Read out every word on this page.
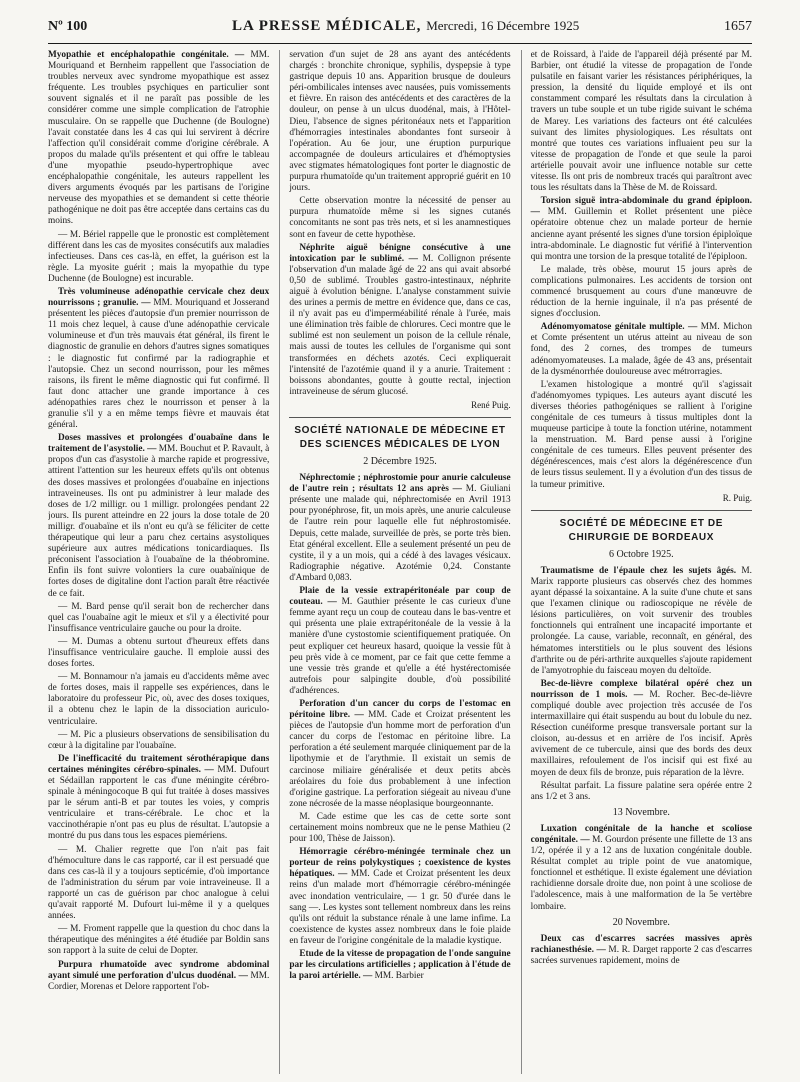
Nº 100	LA PRESSE MÉDICALE, Mercredi, 16 Décembre 1925	1657

Myopathie et encéphalopathie congénitale. — MM. Mouriquand et Bernheim rappellent que l'association de troubles nerveux avec syndrome myopathique est assez fréquente. Les troubles psychiques en particulier sont souvent signalés et il ne paraît pas possible de les considérer comme une simple complication de l'atrophie musculaire. On se rappelle que Duchenne (de Boulogne) l'avait constatée dans les 4 cas qui lui servirent à décrire l'affection qu'il considérait comme d'origine cérébrale. A propos du malade qu'ils présentent et qui offre le tableau d'une myopathie pseudo-hypertrophique avec encéphalopathie congénitale, les auteurs rappellent les divers arguments évoqués par les partisans de l'origine nerveuse des myopathies et se demandent si cette théorie pathogénique ne doit pas être acceptée dans certains cas du moins.

— M. Bériel rappelle que le pronostic est complètement différent dans les cas de myosites consécutifs aux maladies infectieuses. Dans ces cas-là, en effet, la guérison est la règle. La myosite guérit ; mais la myopathie du type Duchenne (de Boulogne) est incurable.

Très volumineuse adénopathie cervicale chez deux nourrissons ; granulie. — MM. Mouriquand et Josserand présentent les pièces d'autopsie d'un premier nourrisson de 11 mois chez lequel, à cause d'une adénopathie cervicale volumineuse et d'un très mauvais état général, ils firent le diagnostic de granulie en dehors d'autres signes somatiques : le diagnostic fut confirmé par la radiographie et l'autopsie. Chez un second nourrisson, pour les mêmes raisons, ils firent le même diagnostic qui fut confirmé. Il faut donc attacher une grande importance à ces adénopathies rares chez le nourrisson et penser à la granulie s'il y a en même temps fièvre et mauvais état général.

Doses massives et prolongées d'ouabaïne dans le traitement de l'asystolie. — MM. Bouchut et P. Ravault, à propos d'un cas d'asystolie à marche rapide et progressive, attirent l'attention sur les heureux effets qu'ils ont obtenus des doses massives et prolongées d'ouabaïne en injections intraveineuses. Ils ont pu administrer à leur malade des doses de 1/2 milligr. ou 1 milligr. prolongées pendant 22 jours. Ils purent atteindre en 22 jours la dose totale de 20 milligr. d'ouabaïne et ils n'ont eu qu'à se féliciter de cette thérapeutique qui leur a paru chez certains asystoliques supérieure aux autres médications tonicardiaques. Ils préconisent l'association à l'ouabaïne de la théobromine. Enfin ils font suivre volontiers la cure ouabaïnique de fortes doses de digitaline dont l'action paraît être réactivée de ce fait.

— M. Bard pense qu'il serait bon de rechercher dans quel cas l'ouabaïne agit le mieux et s'il y a électivité pour l'insuffisance ventriculaire gauche ou pour la droite.

— M. Dumas a obtenu surtout d'heureux effets dans l'insuffisance ventriculaire gauche. Il emploie aussi des doses fortes.

— M. Bonnamour n'a jamais eu d'accidents même avec de fortes doses, mais il rappelle ses expériences, dans le laboratoire du professeur Pic, où, avec des doses toxiques, il a obtenu chez le lapin de la dissociation auriculo-ventriculaire.

— M. Pic a plusieurs observations de sensibilisation du cœur à la digitaline par l'ouabaïne.

De l'inefficacité du traitement sérothérapique dans certaines méningites cérébro-spinales. — MM. Dufourt et Sédaillan rapportent le cas d'une méningite cérébro-spinale à méningocoque B qui fut traitée à doses massives par le sérum anti-B et par toutes les voies, y compris ventriculaire et trans-cérébrale. Le choc et la vaccinothérapie n'ont pas eu plus de résultat. L'autopsie a montré du pus dans tous les espaces piemériens.

— M. Chalier regrette que l'on n'ait pas fait d'hémoculture dans le cas rapporté, car il est persuadé que dans ces cas-là il y a toujours septicémie, d'où importance de l'administration du sérum par voie intraveineuse. Il a rapporté un cas de guérison par choc analogue à celui qu'avait rapporté M. Dufourt lui-même il y a quelques années.

— M. Froment rappelle que la question du choc dans la thérapeutique des méningites a été étudiée par Boldin sans son rapport à la suite de celui de Dopter.

Purpura rhumatoïde avec syndrome abdominal ayant simulé une perforation d'ulcus duodénal. — MM. Cordier, Morenas et Delore rapportent l'ob-

servation d'un sujet de 28 ans ayant des antécédents chargés : bronchite chronique, syphilis, dyspepsie à type gastrique depuis 10 ans. Apparition brusque de douleurs péri-ombilicales intenses avec nausées, puis vomissements et fièvre. En raison des antécédents et des caractères de la douleur, on pense à un ulcus duodénal, mais, à l'Hôtel-Dieu, l'absence de signes péritonéaux nets et l'apparition d'hémorragies intestinales abondantes font surseoir à l'opération. Au 6e jour, une éruption purpurique accompagnée de douleurs articulaires et d'hémoptysies avec stigmates hématologiques font porter le diagnostic de purpura rhumatoïde qu'un traitement approprié guérit en 10 jours.

Cette observation montre la nécessité de penser au purpura rhumatoïde même si les signes cutanés concomitants ne sont pas très nets, et si les anamnestiques sont en faveur de cette hypothèse.

Néphrite aiguë bénigne consécutive à une intoxication par le sublimé. — M. Collignon présente l'observation d'un malade âgé de 22 ans qui avait absorbé 0,50 de sublimé. Troubles gastro-intestinaux, néphrite aiguë à évolution bénigne. L'analyse constamment suivie des urines a permis de mettre en évidence que, dans ce cas, il n'y avait pas eu d'imperméabilité rénale à l'urée, mais une élimination très faible de chlorures. Ceci montre que le sublimé est non seulement un poison de la cellule rénale, mais aussi de toutes les cellules de l'organisme qui sont transformées en déchets azotés. Ceci expliquerait l'intensité de l'azotémie quand il y a anurie. Traitement : boissons abondantes, goutte à goutte rectal, injection intraveineuse de sérum glucosé.

René Puig.
SOCIÉTÉ NATIONALE DE MÉDECINE ET DES SCIENCES MÉDICALES DE LYON
2 Décembre 1925.

Néphrectomie ; néphrostomie pour anurie calculeuse de l'autre rein ; résultats 12 ans après — M. Giuliani présente une malade qui, néphrectomisée en Avril 1913 pour pyonéphrose, fit, un mois après, une anurie calculeuse de l'autre rein pour laquelle elle fut néphrostomisée. Depuis, cette malade, surveillée de près, se porte très bien. Etat général excellent. Elle a seulement présenté un peu de cystite, il y a un mois, qui a cédé à des lavages vésicaux. Radiographie négative. Azotémie 0,24. Constante d'Ambard 0,083.

Plaie de la vessie extrapéritonéale par coup de couteau. — M. Gauthier présente le cas curieux d'une femme ayant reçu un coup de couteau dans le bas-ventre et qui présenta une plaie extrapéritonéale de la vessie à la manière d'une cystostomie scientifiquement pratiquée. On peut expliquer cet heureux hasard, quoique la vessie fût à peu près vide à ce moment, par ce fait que cette femme a une vessie très grande et qu'elle a été hystérectomisée autrefois pour salpingite double, d'où possibilité d'adhérences.

Perforation d'un cancer du corps de l'estomac en péritoine libre. — MM. Cade et Croizat présentent les pièces de l'autopsie d'un homme mort de perforation d'un cancer du corps de l'estomac en péritoine libre. La perforation a été seulement marquée cliniquement par de la lipothymie et de l'arythmie. Il existait un semis de carcinose miliaire généralisée et deux petits abcès aréolaires du foie dus probablement à une infection d'origine gastrique. La perforation siégeait au niveau d'une zone nécrosée de la masse néoplasique bourgeonnante.

M. Cade estime que les cas de cette sorte sont certainement moins nombreux que ne le pense Mathieu (2 pour 100, Thèse de Jaisson).

Hémorragie cérébro-méningée terminale chez un porteur de reins polykystiques ; coexistence de kystes hépatiques. — MM. Cade et Croizat présentent les deux reins d'un malade mort d'hémorragie cérébro-méningée avec inondation ventriculaire, — 1 gr. 50 d'urée dans le sang —. Les kystes sont tellement nombreux dans les reins qu'ils ont réduit la substance rénale à une lame infime. La coexistence de kystes assez nombreux dans le foie plaide en faveur de l'origine congénitale de la maladie kystique.

Etude de la vitesse de propagation de l'onde sanguine par les circulations artificielles ; application à l'étude de la paroi artérielle. — MM. Barbier

et de Roissard, à l'aide de l'appareil déjà présenté par M. Barbier, ont étudié la vitesse de propagation de l'onde pulsatile en faisant varier les résistances périphériques, la pression, la densité du liquide employé et ils ont constamment comparé les résultats dans la circulation à travers un tube souple et un tube rigide suivant le schéma de Marey. Les variations des facteurs ont été calculées suivant des limites physiologiques. Les résultats ont montré que toutes ces variations influaient peu sur la vitesse de propagation de l'onde et que seule la paroi artérielle pouvait avoir une influence notable sur cette vitesse. Ils ont pris de nombreux tracés qui paraîtront avec tous les résultats dans la Thèse de M. de Roissard.

Torsion siguë intra-abdominale du grand épiploon. — MM. Guillemin et Rollet présentent une pièce opératoire obtenue chez un malade porteur de hernie ancienne ayant présenté les signes d'une torsion épiploïque intra-abdominale. Le diagnostic fut vérifié à l'intervention qui montra une torsion de la presque totalité de l'épiploon.

Le malade, très obèse, mourut 15 jours après de complications pulmonaires. Les accidents de torsion ont commencé brusquement au cours d'une manœuvre de réduction de la hernie inguinale, il n'a pas présenté de signes d'occlusion.

Adénomyomatose génitale multiple. — MM. Michon et Comte présentent un utérus atteint au niveau de son fond, des 2 cornes, des trompes de tumeurs adénomyomateuses. La malade, âgée de 43 ans, présentait de la dysménorrhée douloureuse avec métrorragies.

L'examen histologique a montré qu'il s'agissait d'adénomyomes typiques. Les auteurs ayant discuté les diverses théories pathogéniques se rallient à l'origine congénitale de ces tumeurs à tissus multiples dont la muqueuse participe à toute la fonction utérine, notamment la menstruation. M. Bard pense aussi à l'origine congénitale de ces tumeurs. Elles peuvent présenter des dégénérescences, mais c'est alors la dégénérescence d'un de leurs tissus seulement. Il y a évolution d'un des tissus de la tumeur primitive.

R. Puig.
SOCIÉTÉ DE MÉDECINE ET DE CHIRURGIE DE BORDEAUX
6 Octobre 1925.

Traumatisme de l'épaule chez les sujets âgés. M. Marix rapporte plusieurs cas observés chez des hommes ayant dépassé la soixantaine. A la suite d'une chute et sans que l'examen clinique ou radioscopique ne révèle de lésions particulières, on voit survenir des troubles fonctionnels qui entraînent une incapacité importante et prolongée. La cause, variable, reconnaît, en général, des hématomes interstitiels ou le plus souvent des lésions d'arthrite ou de péri-arthrite auxquelles s'ajoute rapidement de l'amyotrophie du faisceau moyen du deltoïde.

Bec-de-lièvre complexe bilatéral opéré chez un nourrisson de 1 mois. — M. Rocher. Bec-de-lièvre compliqué double avec projection très accusée de l'os intermaxillaire qui était suspendu au bout du lobule du nez. Résection cunéiforme presque transversale portant sur la cloison, au-dessus et en arrière de l'os incisif. Après avivement de ce tubercule, ainsi que des bords des deux maxillaires, refoulement de l'os incisif qui est fixé au moyen de deux fils de bronze, puis réparation de la lèvre.

Résultat parfait. La fissure palatine sera opérée entre 2 ans 1/2 et 3 ans.

13 Novembre.

Luxation congénitale de la hanche et scoliose congénitale. — M. Gourdon présente une fillette de 13 ans 1/2, opérée il y a 12 ans de luxation congénitale double. Résultat complet au triple point de vue anatomique, fonctionnel et esthétique. Il existe également une déviation rachidienne dorsale droite due, non point à une scoliose de l'adolescence, mais à une malformation de la 5e vertèbre lombaire.

20 Novembre.

Deux cas d'escarres sacrées massives après rachianesthésie. — M. R. Darget rapporte 2 cas d'escarres sacrées survenues rapidement, moins de
